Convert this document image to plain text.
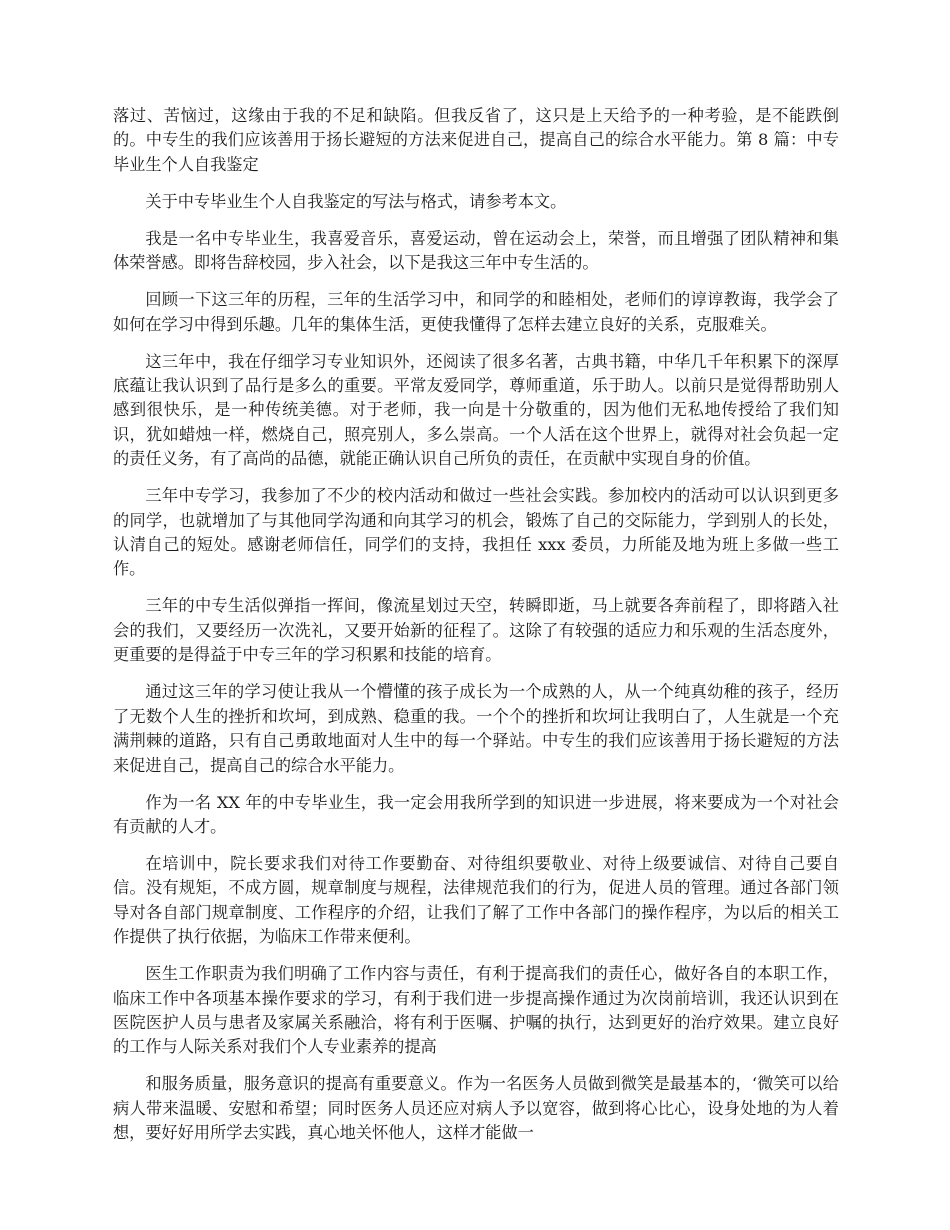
落过、苦恼过，这缘由于我的不足和缺陷。但我反省了，这只是上天给予的一种考验，是不能跌倒的。中专生的我们应该善用于扬长避短的方法来促进自己，提高自己的综合水平能力。第 8 篇：中专毕业生个人自我鉴定

关于中专毕业生个人自我鉴定的写法与格式，请参考本文。

我是一名中专毕业生，我喜爱音乐，喜爱运动，曾在运动会上，荣誉，而且增强了团队精神和集体荣誉感。即将告辞校园，步入社会，以下是我这三年中专生活的。

回顾一下这三年的历程，三年的生活学习中，和同学的和睦相处，老师们的谆谆教诲，我学会了如何在学习中得到乐趣。几年的集体生活，更使我懂得了怎样去建立良好的关系，克服难关。

这三年中，我在仔细学习专业知识外，还阅读了很多名著，古典书籍，中华几千年积累下的深厚底蕴让我认识到了品行是多么的重要。平常友爱同学，尊师重道，乐于助人。以前只是觉得帮助别人感到很快乐，是一种传统美德。对于老师，我一向是十分敬重的，因为他们无私地传授给了我们知识，犹如蜡烛一样，燃烧自己，照亮别人，多么崇高。一个人活在这个世界上，就得对社会负起一定的责任义务，有了高尚的品德，就能正确认识自己所负的责任，在贡献中实现自身的价值。

三年中专学习，我参加了不少的校内活动和做过一些社会实践。参加校内的活动可以认识到更多的同学，也就增加了与其他同学沟通和向其学习的机会，锻炼了自己的交际能力，学到别人的长处，认清自己的短处。感谢老师信任，同学们的支持，我担任 xxx 委员，力所能及地为班上多做一些工作。

三年的中专生活似弹指一挥间，像流星划过天空，转瞬即逝，马上就要各奔前程了，即将踏入社会的我们，又要经历一次洗礼，又要开始新的征程了。这除了有较强的适应力和乐观的生活态度外，更重要的是得益于中专三年的学习积累和技能的培育。

通过这三年的学习使让我从一个懵懂的孩子成长为一个成熟的人，从一个纯真幼稚的孩子，经历了无数个人生的挫折和坎坷，到成熟、稳重的我。一个个的挫折和坎坷让我明白了，人生就是一个充满荆棘的道路，只有自己勇敢地面对人生中的每一个驿站。中专生的我们应该善用于扬长避短的方法来促进自己，提高自己的综合水平能力。

作为一名 XX 年的中专毕业生，我一定会用我所学到的知识进一步进展，将来要成为一个对社会有贡献的人才。

在培训中，院长要求我们对待工作要勤奋、对待组织要敬业、对待上级要诚信、对待自己要自信。没有规矩，不成方圆，规章制度与规程，法律规范我们的行为，促进人员的管理。通过各部门领导对各自部门规章制度、工作程序的介绍，让我们了解了工作中各部门的操作程序，为以后的相关工作提供了执行依据，为临床工作带来便利。

医生工作职责为我们明确了工作内容与责任，有利于提高我们的责任心，做好各自的本职工作，临床工作中各项基本操作要求的学习，有利于我们进一步提高操作通过为次岗前培训，我还认识到在医院医护人员与患者及家属关系融洽，将有利于医嘱、护嘱的执行，达到更好的治疗效果。建立良好的工作与人际关系对我们个人专业素养的提高

和服务质量，服务意识的提高有重要意义。作为一名医务人员做到微笑是最基本的，‘微笑可以给病人带来温暖、安慰和希望；同时医务人员还应对病人予以宽容，做到将心比心，设身处地的为人着想，要好好用所学去实践，真心地关怀他人，这样才能做一
